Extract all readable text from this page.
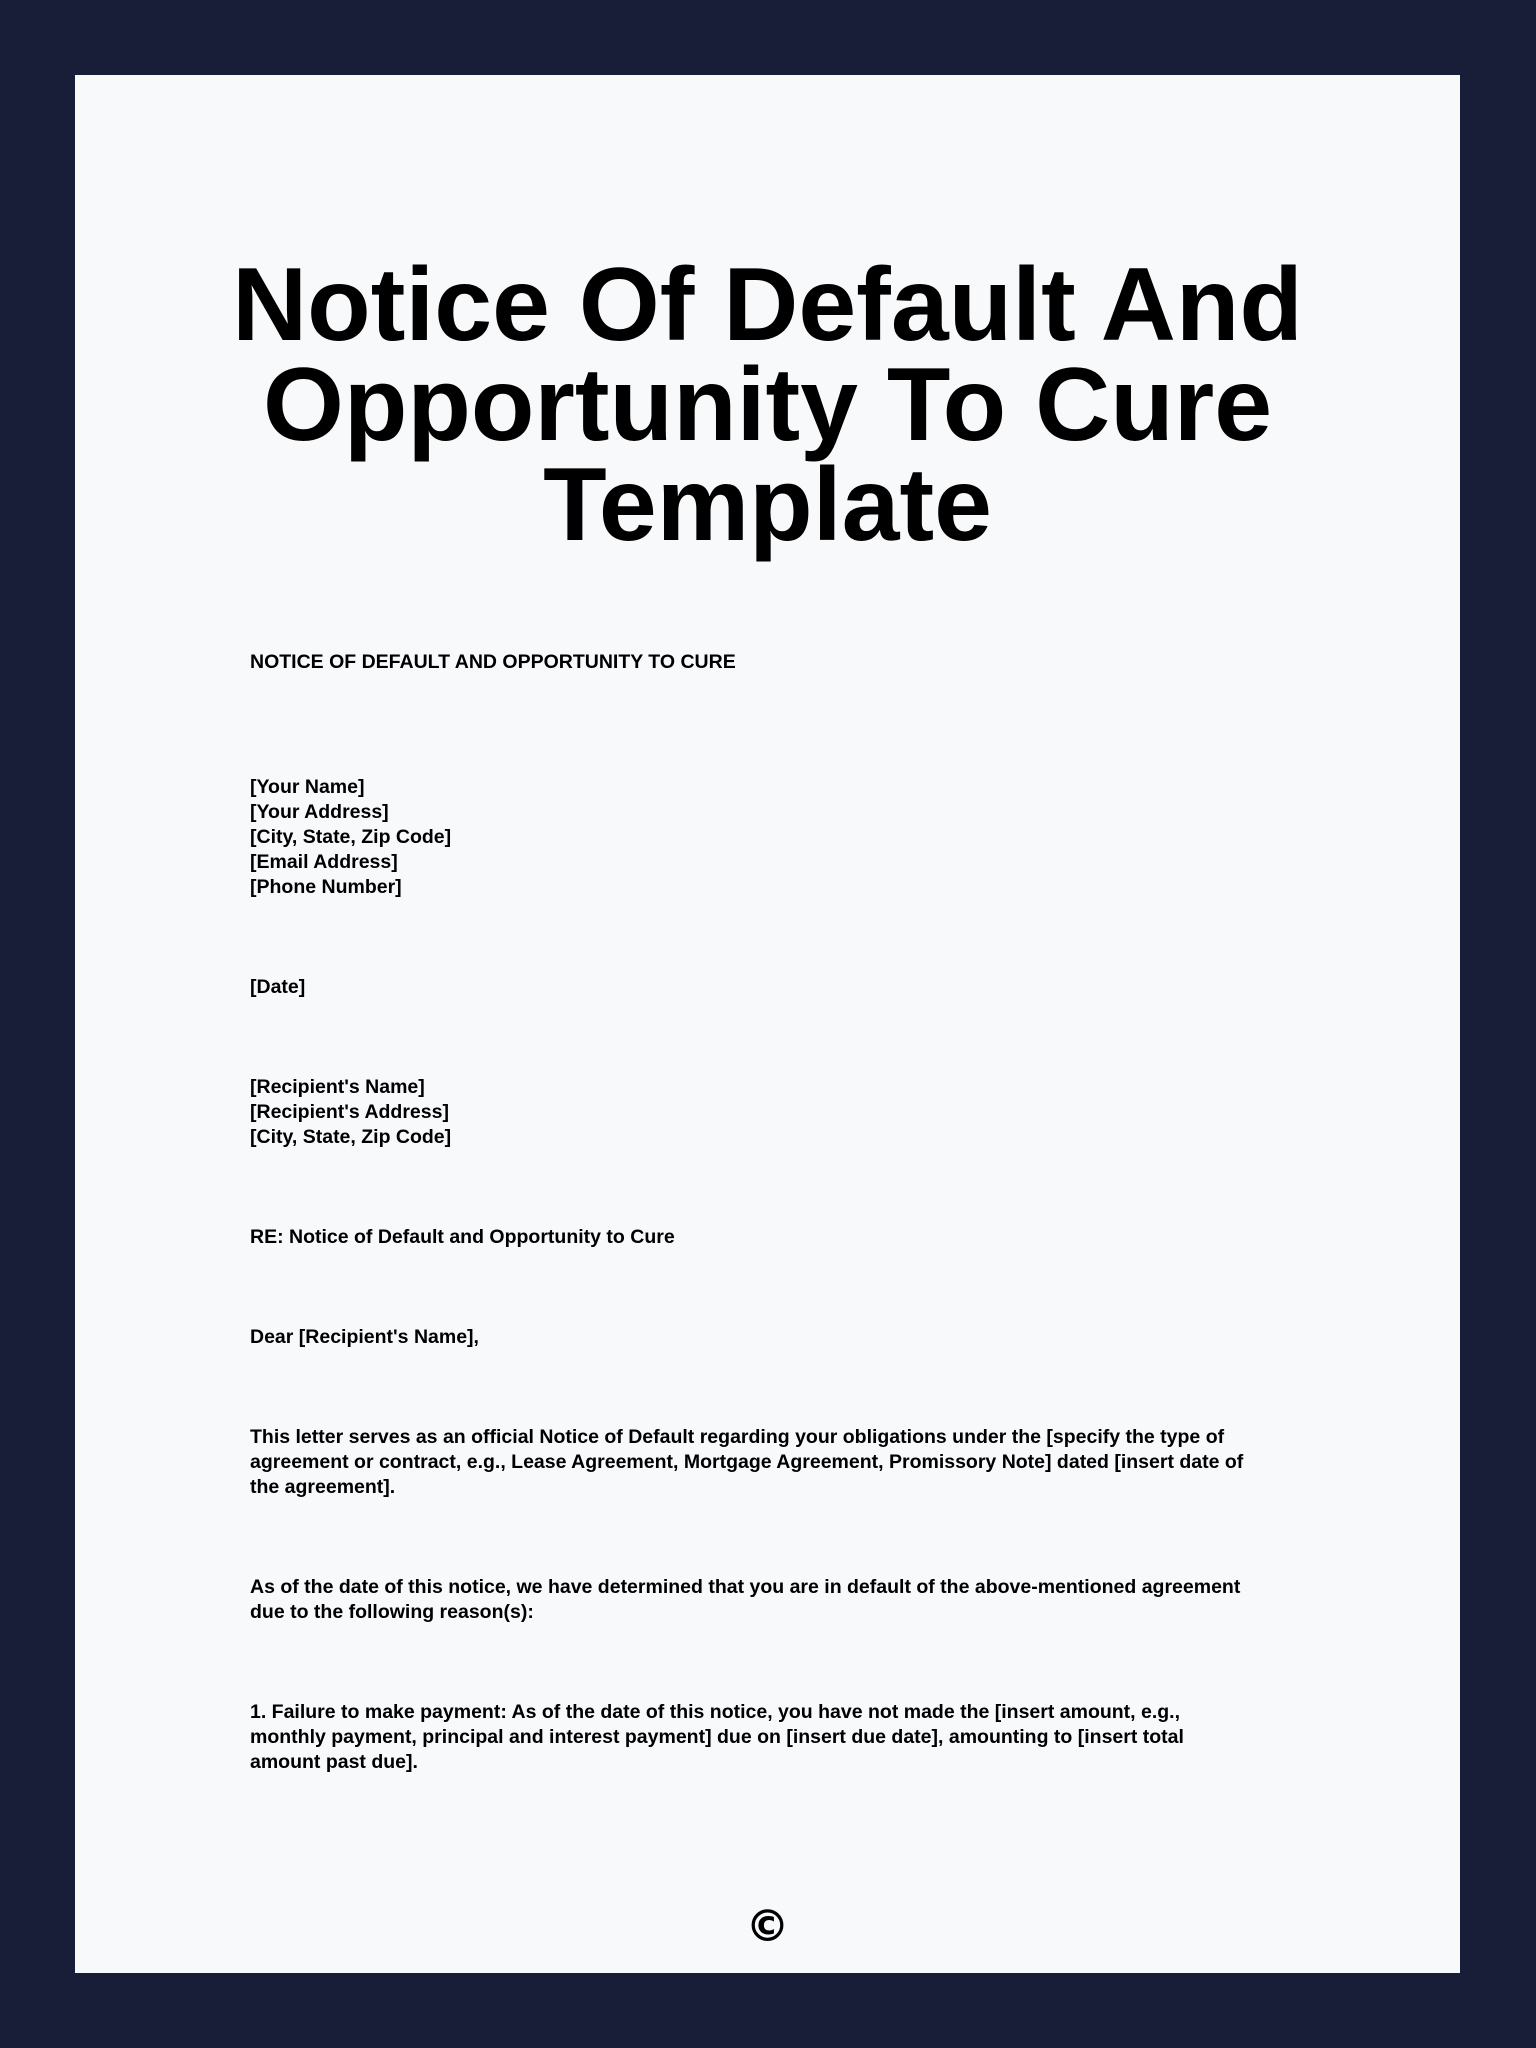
Notice Of Default And
Opportunity To Cure
Template
NOTICE OF DEFAULT AND OPPORTUNITY TO CURE
[Your Name]
[Your Address]
[City, State, Zip Code]
[Email Address]
[Phone Number]
[Date]
[Recipient's Name]
[Recipient's Address]
[City, State, Zip Code]
RE: Notice of Default and Opportunity to Cure
Dear [Recipient's Name],
This letter serves as an official Notice of Default regarding your obligations under the [specify the type of
agreement or contract, e.g., Lease Agreement, Mortgage Agreement, Promissory Note] dated [insert date of
the agreement].
As of the date of this notice, we have determined that you are in default of the above-mentioned agreement
due to the following reason(s):
1. Failure to make payment: As of the date of this notice, you have not made the [insert amount, e.g.,
monthly payment, principal and interest payment] due on [insert due date], amounting to [insert total
amount past due].
©
